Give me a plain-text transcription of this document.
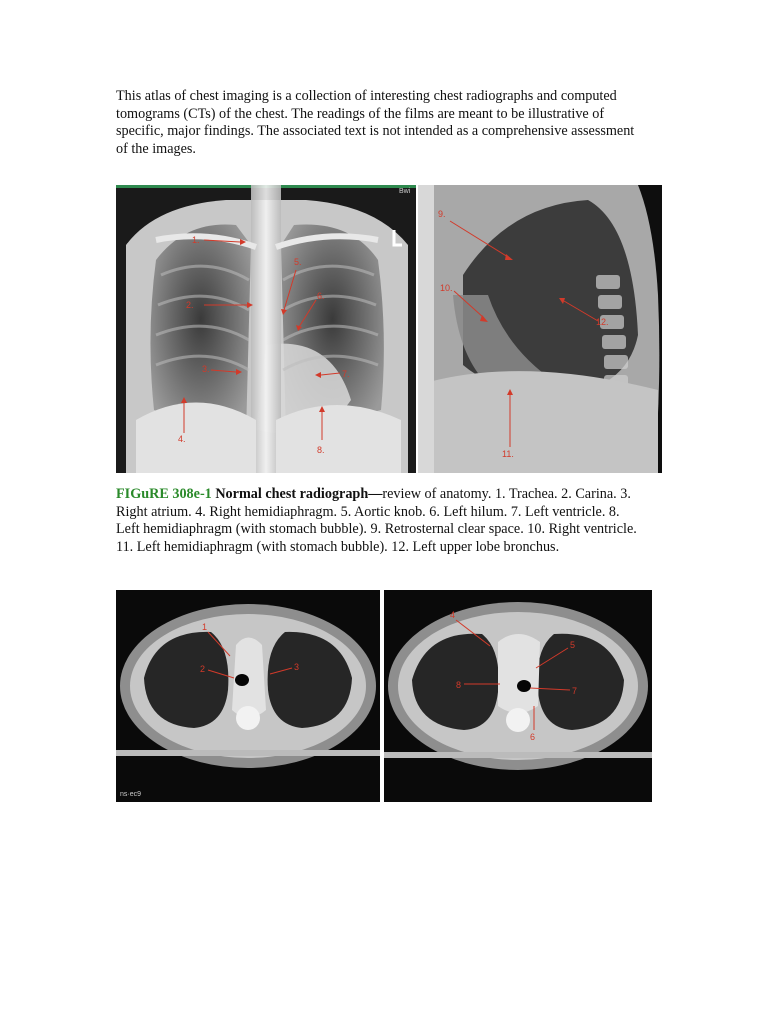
This atlas of chest imaging is a collection of interesting chest radiographs and computed tomograms (CTs) of the chest. The readings of the films are meant to be illustrative of specific, major findings. The associated text is not intended as a comprehensive assessment of the images.
Bwi
1.
2.
3.
4.
5.
6.
7.
8.
9.
10.
11.
12.
FIGuRE 308e-1 Normal chest radiograph—review of anatomy. 1. Trachea. 2. Carina. 3. Right atrium. 4. Right hemidiaphragm. 5. Aortic knob. 6. Left hilum. 7. Left ventricle. 8. Left hemidiaphragm (with stomach bubble). 9. Retrosternal clear space. 10. Right ventricle. 11. Left hemidiaphragm (with stomach bubble). 12. Left upper lobe bronchus.
1
2	3
ns·ec9
4
5
6
7
8
